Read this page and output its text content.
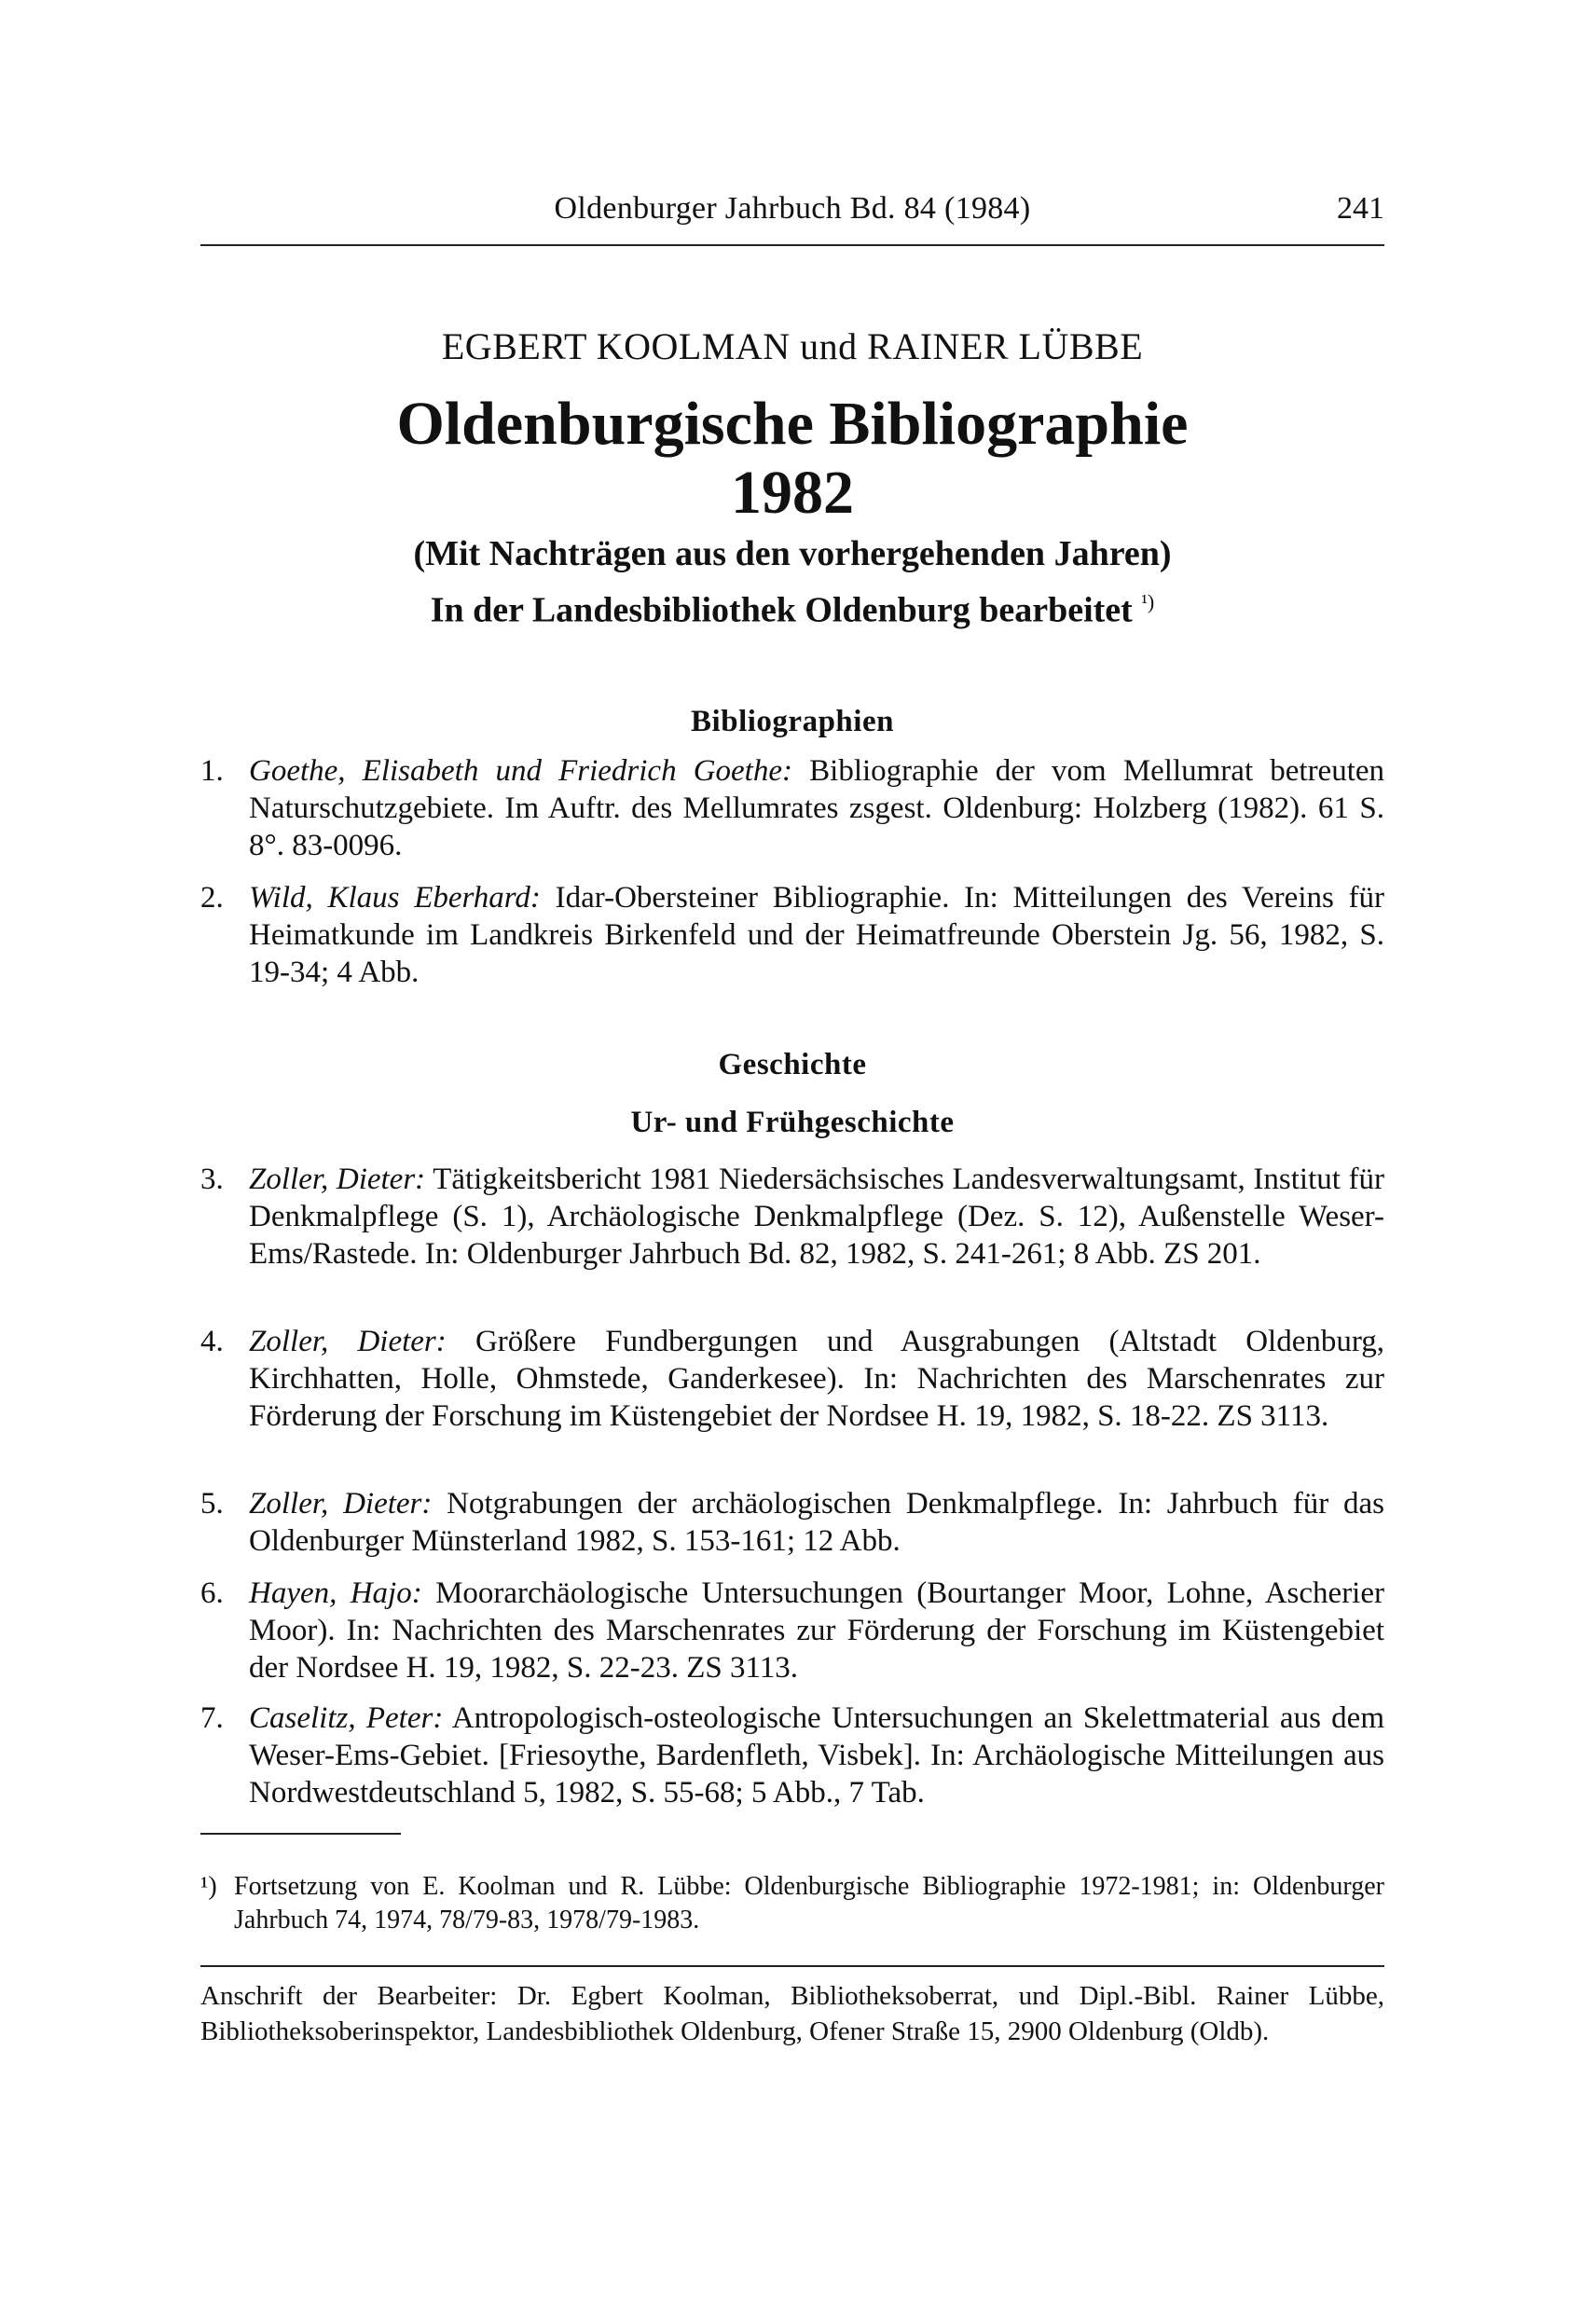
Oldenburger Jahrbuch Bd. 84 (1984)	241
EGBERT KOOLMAN und RAINER LÜBBE
Oldenburgische Bibliographie
1982
(Mit Nachträgen aus den vorhergehenden Jahren)
In der Landesbibliothek Oldenburg bearbeitet $^{^1)}$
Bibliographien
1. Goethe, Elisabeth und Friedrich Goethe: Bibliographie der vom Mellumrat betreuten Naturschutzgebiete. Im Auftr. des Mellumrates zsgest. Oldenburg: Holzberg (1982). 61 S. 8°. 83-0096.
2. Wild, Klaus Eberhard: Idar-Obersteiner Bibliographie. In: Mitteilungen des Vereins für Heimatkunde im Landkreis Birkenfeld und der Heimatfreunde Oberstein Jg. 56, 1982, S. 19-34; 4 Abb.
Geschichte
Ur- und Frühgeschichte
3. Zoller, Dieter: Tätigkeitsbericht 1981 Niedersächsisches Landesverwaltungsamt, Institut für Denkmalpflege (S. 1), Archäologische Denkmalpflege (Dez. S. 12), Außenstelle Weser-Ems/Rastede. In: Oldenburger Jahrbuch Bd. 82, 1982, S. 241-261; 8 Abb. ZS 201.
4. Zoller, Dieter: Größere Fundbergungen und Ausgrabungen (Altstadt Oldenburg, Kirchhatten, Holle, Ohmstede, Ganderkesee). In: Nachrichten des Marschenrates zur Förderung der Forschung im Küstengebiet der Nordsee H. 19, 1982, S. 18-22. ZS 3113.
5. Zoller, Dieter: Notgrabungen der archäologischen Denkmalpflege. In: Jahrbuch für das Oldenburger Münsterland 1982, S. 153-161; 12 Abb.
6. Hayen, Hajo: Moorarchäologische Untersuchungen (Bourtanger Moor, Lohne, Ascherier Moor). In: Nachrichten des Marschenrates zur Förderung der Forschung im Küstengebiet der Nordsee H. 19, 1982, S. 22-23. ZS 3113.
7. Caselitz, Peter: Antropologisch-osteologische Untersuchungen an Skelettmaterial aus dem Weser-Ems-Gebiet. [Friesoythe, Bardenfleth, Visbek]. In: Archäologische Mitteilungen aus Nordwestdeutschland 5, 1982, S. 55-68; 5 Abb., 7 Tab.
¹) Fortsetzung von E. Koolman und R. Lübbe: Oldenburgische Bibliographie 1972-1981; in: Oldenburger Jahrbuch 74, 1974, 78/79-83, 1978/79-1983.
Anschrift der Bearbeiter: Dr. Egbert Koolman, Bibliotheksoberrat, und Dipl.-Bibl. Rainer Lübbe, Bibliotheksoberinspektor, Landesbibliothek Oldenburg, Ofener Straße 15, 2900 Oldenburg (Oldb).
